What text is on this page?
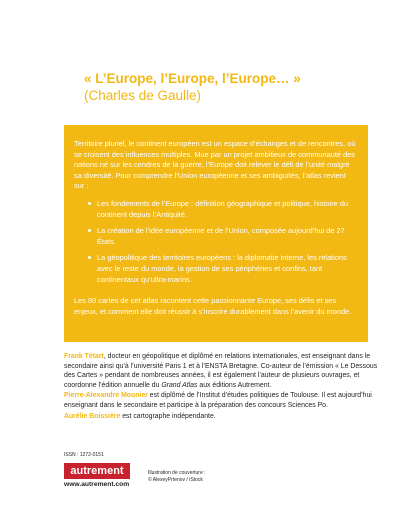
« L’Europe, l’Europe, l’Europe… »
(Charles de Gaulle)

Territoire pluriel, le continent européen est un espace d’échanges et de rencontres, où se croisent des influences multiples. Mue par un projet ambitieux de communauté des nations né sur les cendres de la guerre, l’Europe doit relever le défi de l’unité malgré sa diversité. Pour comprendre l’Union européenne et ses ambiguïtés, l’atlas revient sur :

Les fondements de l’Europe : définition géographique et politique, histoire du continent depuis l’Antiquité.
La création de l’idée européenne et de l’Union, composée aujourd’hui de 27 États.
La géopolitique des territoires européens : la diplomatie interne, les relations avec le reste du monde, la gestion de ses périphéries et confins, tant continentaux qu’ultra-marins.

Les 80 cartes de cet atlas racontent cette passionnante Europe, ses défis et ses enjeux, et comment elle doit réussir à s’inscrire durablement dans l’avenir du monde.

Frank Tétart, docteur en géopolitique et diplômé en relations internationales, est enseignant dans le secondaire ainsi qu’à l’université Paris 1 et à l’ENSTA Bretagne. Co-auteur de l’émission « Le Dessous des Cartes » pendant de nombreuses années, il est également l’auteur de plusieurs ouvrages, et coordonne l’édition annuelle du Grand Atlas aux éditions Autrement.

Pierre-Alexandre Mounier est diplômé de l’Institut d’études politiques de Toulouse. Il est aujourd’hui enseignant dans le secondaire et participe à la préparation des concours Sciences Po.

Aurélie Boissière est cartographe indépendante.

ISSN : 1272-0151
autrement
www.autrement.com
Illustration de couverture :
© AlexeyPrtenov / iStock
